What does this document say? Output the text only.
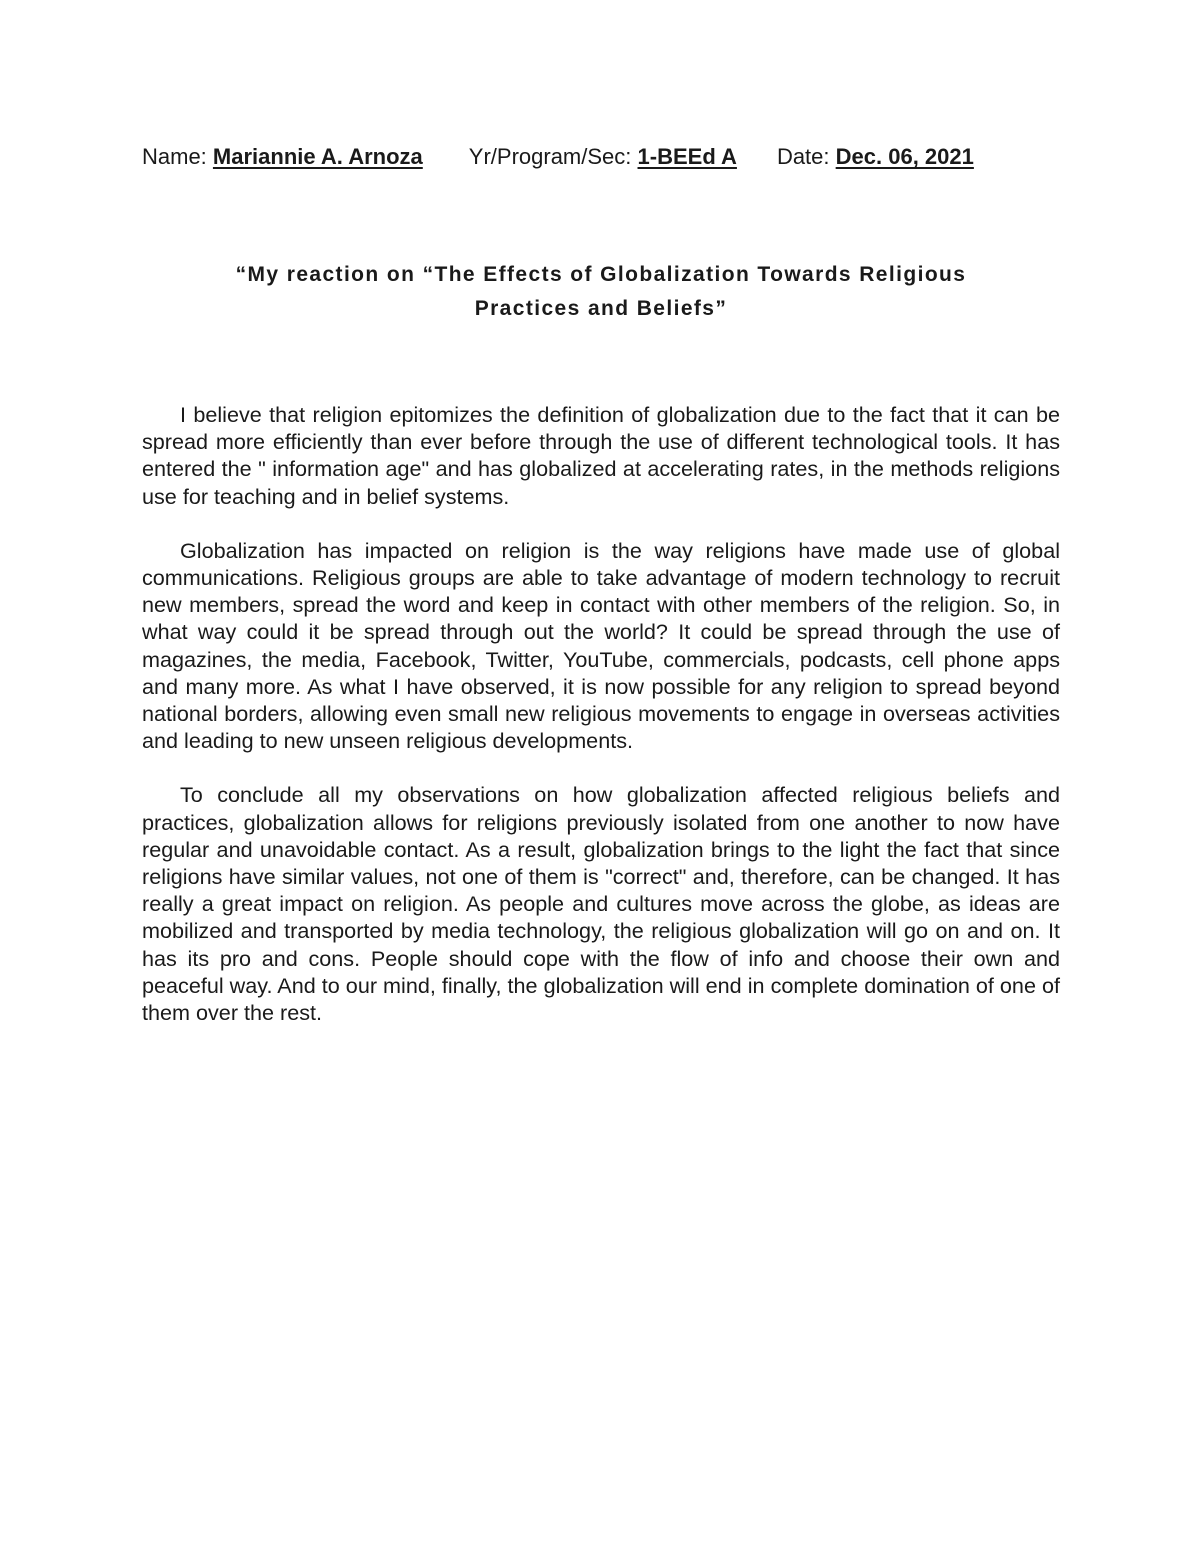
Name: Mariannie A. Arnoza Yr/Program/Sec: 1-BEEd A Date: Dec. 06, 2021
“My reaction on “The Effects of Globalization Towards Religious
Practices and Beliefs”

I believe that religion epitomizes the definition of globalization due to the fact that it can be spread more efficiently than ever before through the use of different technological tools. It has entered the " information age" and has globalized at accelerating rates, in the methods religions use for teaching and in belief systems.

Globalization has impacted on religion is the way religions have made use of global communications. Religious groups are able to take advantage of modern technology to recruit new members, spread the word and keep in contact with other members of the religion. So, in what way could it be spread through out the world? It could be spread through the use of magazines, the media, Facebook, Twitter, YouTube, commercials, podcasts, cell phone apps and many more. As what I have observed, it is now possible for any religion to spread beyond national borders, allowing even small new religious movements to engage in overseas activities and leading to new unseen religious developments.

To conclude all my observations on how globalization affected religious beliefs and practices, globalization allows for religions previously isolated from one another to now have regular and unavoidable contact. As a result, globalization brings to the light the fact that since religions have similar values, not one of them is "correct" and, therefore, can be changed. It has really a great impact on religion. As people and cultures move across the globe, as ideas are mobilized and transported by media technology, the religious globalization will go on and on. It has its pro and cons. People should cope with the flow of info and choose their own and peaceful way. And to our mind, finally, the globalization will end in complete domination of one of them over the rest.
